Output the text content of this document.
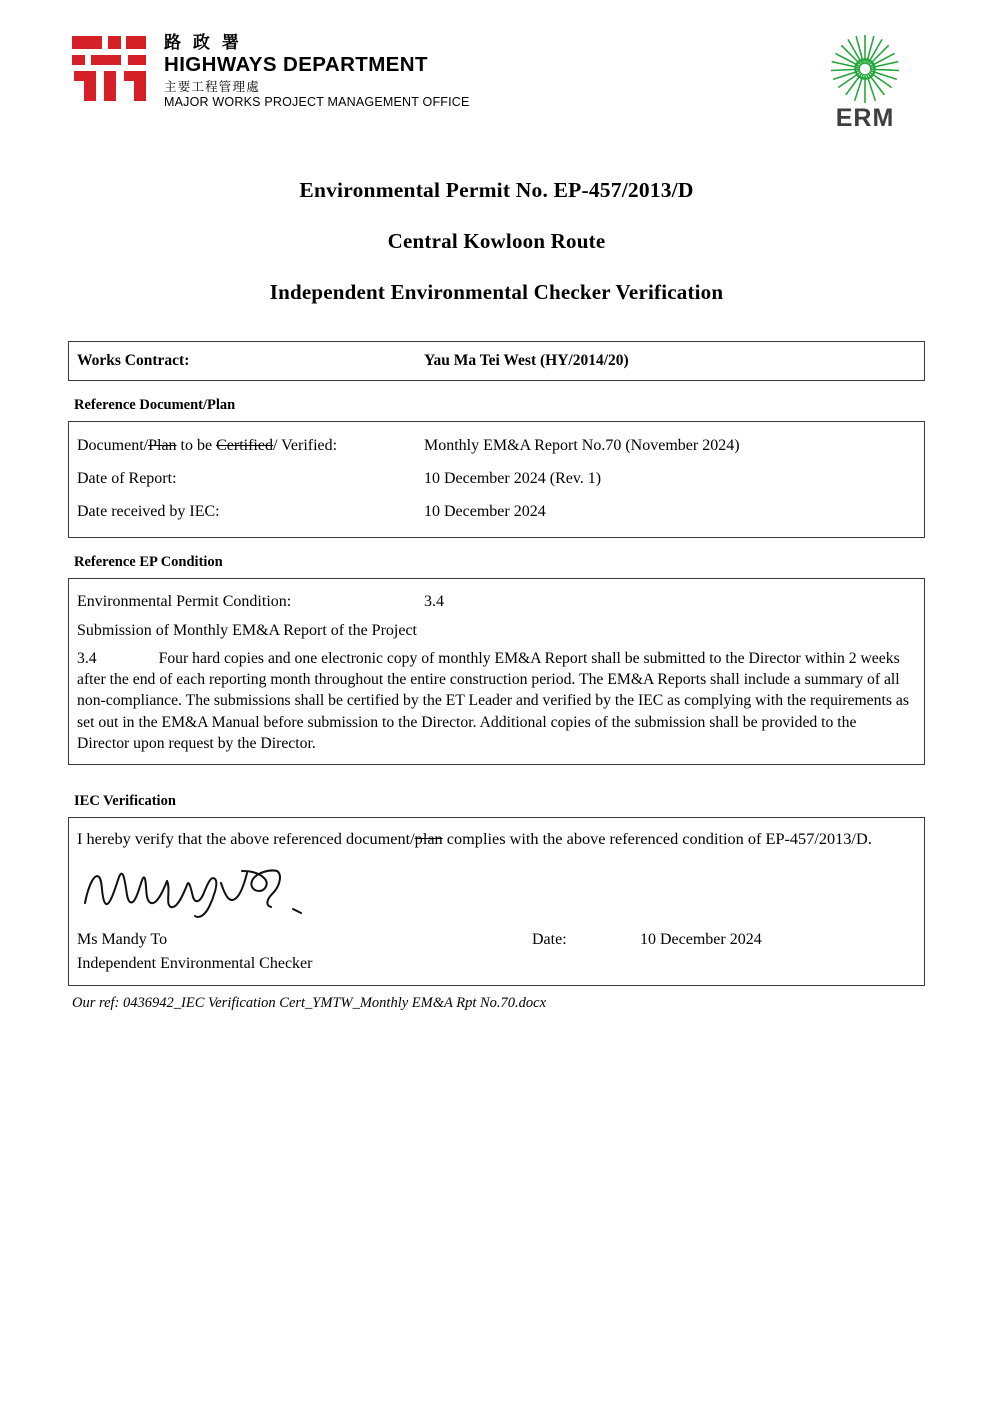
路 政 署
HIGHWAYS DEPARTMENT
主要工程管理處
MAJOR WORKS PROJECT MANAGEMENT OFFICE
ERM
Environmental Permit No. EP-457/2013/D
Central Kowloon Route
Independent Environmental Checker Verification
Works Contract:	Yau Ma Tei West (HY/2014/20)
Reference Document/Plan
Document/Plan to be Certified/ Verified:	Monthly EM&A Report No.70 (November 2024)
Date of Report:	10 December 2024 (Rev. 1)
Date received by IEC:	10 December 2024
Reference EP Condition
Environmental Permit Condition:	3.4
Submission of Monthly EM&A Report of the Project
3.4	Four hard copies and one electronic copy of monthly EM&A Report shall be submitted to the Director within 2 weeks after the end of each reporting month throughout the entire construction period. The EM&A Reports shall include a summary of all non-compliance. The submissions shall be certified by the ET Leader and verified by the IEC as complying with the requirements as set out in the EM&A Manual before submission to the Director. Additional copies of the submission shall be provided to the Director upon request by the Director.
IEC Verification
I hereby verify that the above referenced document/plan complies with the above referenced condition of EP-457/2013/D.
Ms Mandy To	Date:	10 December 2024
Independent Environmental Checker
Our ref: 0436942_IEC Verification Cert_YMTW_Monthly EM&A Rpt No.70.docx
